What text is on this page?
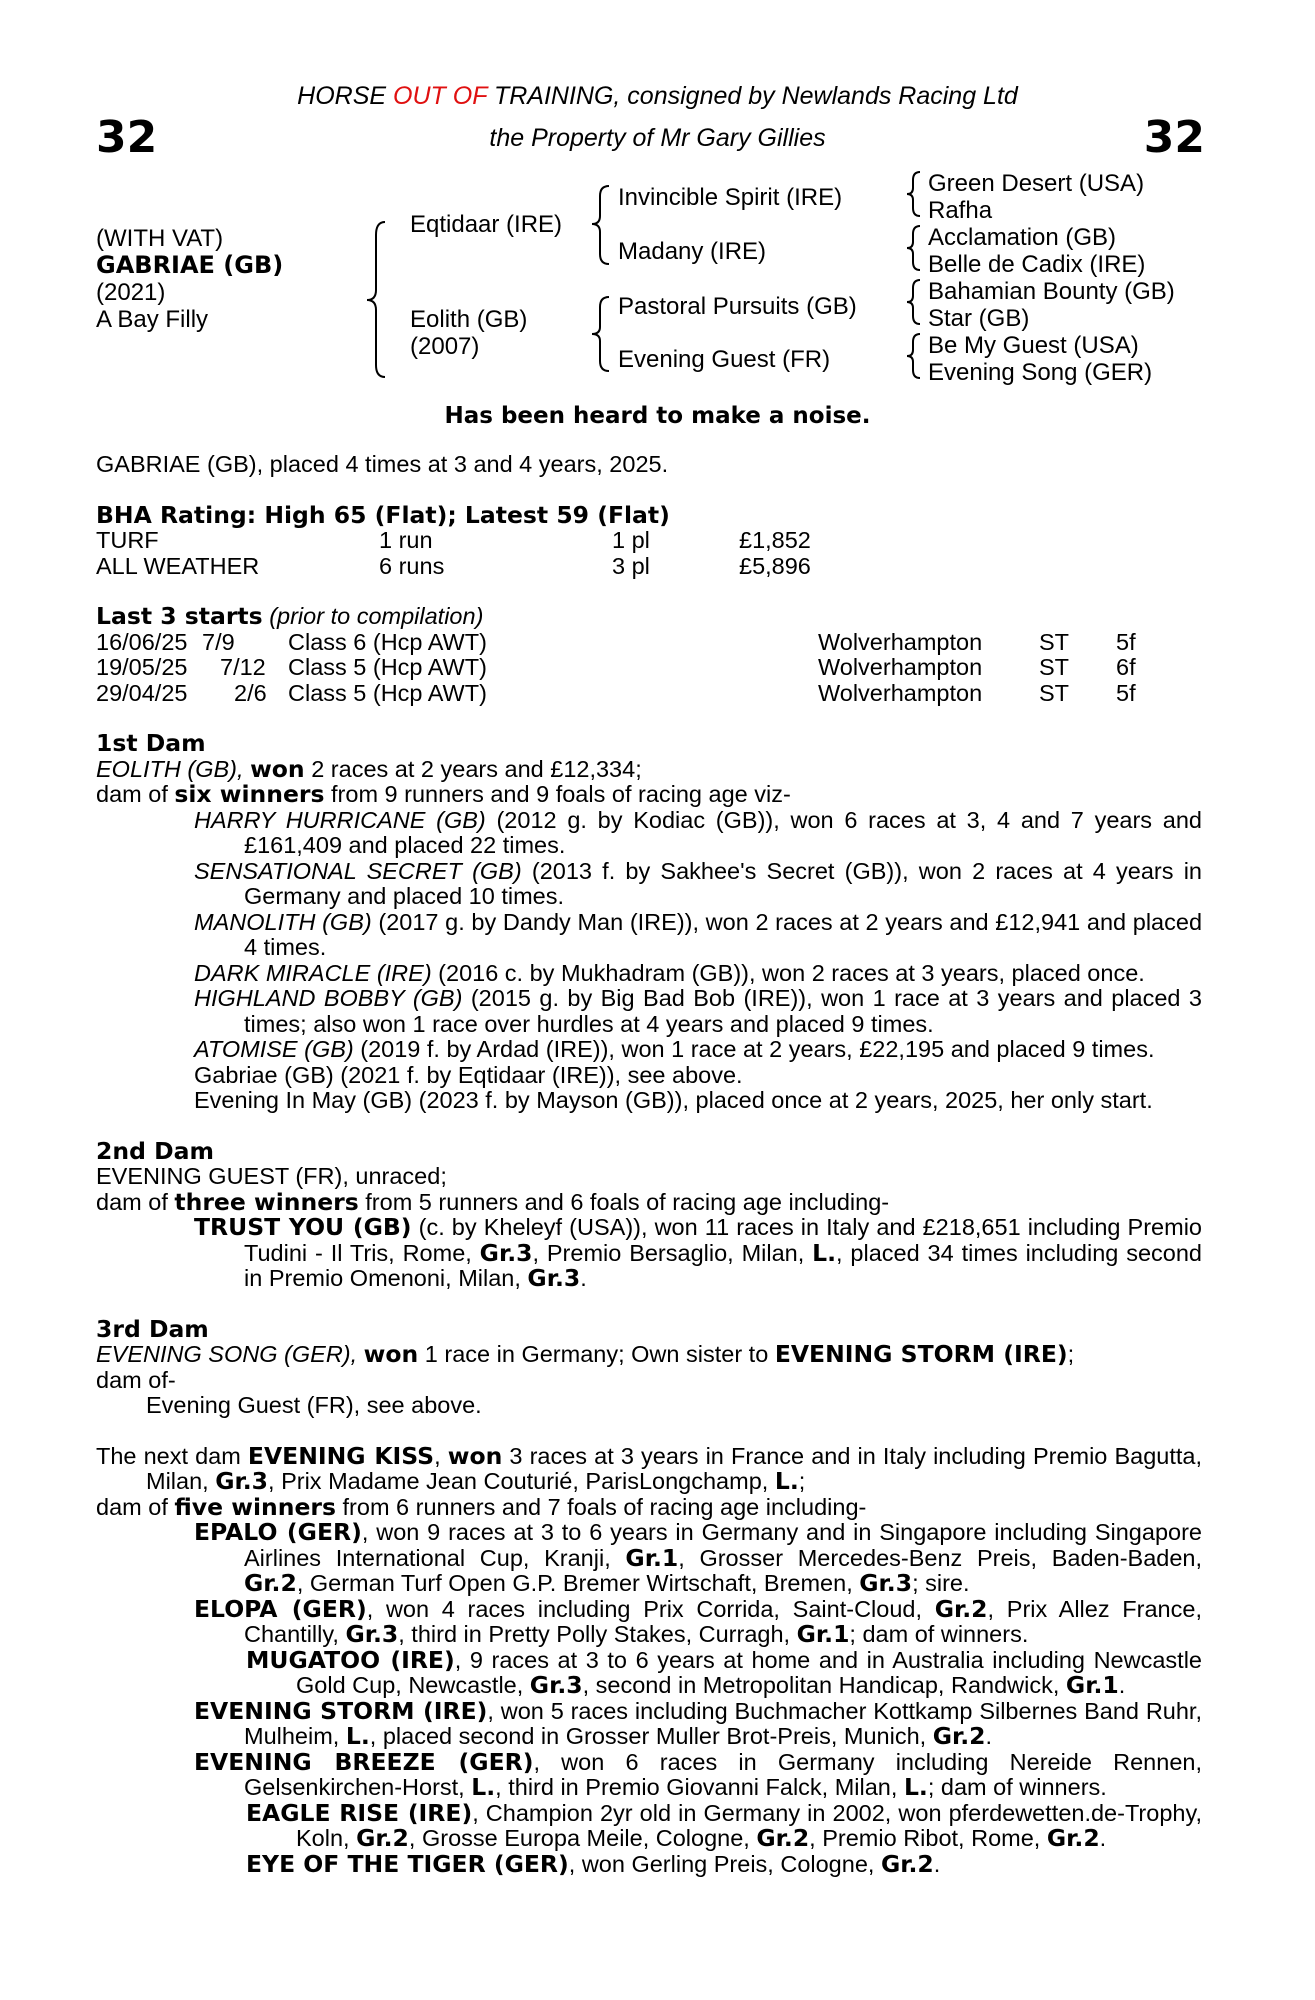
32	32
HORSE OUT OF TRAINING, consigned by Newlands Racing Ltd
the Property of Mr Gary Gillies
(WITH VAT)
GABRIAE (GB)
(2021)
A Bay Filly
Eqtidaar (IRE)
Eolith (GB)
(2007)
Invincible Spirit (IRE)
Madany (IRE)
Pastoral Pursuits (GB)
Evening Guest (FR)
Green Desert (USA)
Rafha
Acclamation (GB)
Belle de Cadix (IRE)
Bahamian Bounty (GB)
Star (GB)
Be My Guest (USA)
Evening Song (GER)
Has been heard to make a noise.
GABRIAE (GB), placed 4 times at 3 and 4 years, 2025.
BHA Rating: High 65 (Flat); Latest 59 (Flat)
TURF	1 run	1 pl	£1,852
ALL WEATHER	6 runs	3 pl	£5,896
Last 3 starts (prior to compilation)
16/06/25 7/9 Class 6 (Hcp AWT)	Wolverhampton ST 5f
19/05/25 7/12 Class 5 (Hcp AWT)	Wolverhampton ST 6f
29/04/25 2/6 Class 5 (Hcp AWT)	Wolverhampton ST 5f
1st Dam
EOLITH (GB), won 2 races at 2 years and £12,334;
dam of six winners from 9 runners and 9 foals of racing age viz-

HARRY HURRICANE (GB) (2012 g. by Kodiac (GB)), won 6 races at 3, 4 and 7 years and £161,409 and placed 22 times.

SENSATIONAL SECRET (GB) (2013 f. by Sakhee's Secret (GB)), won 2 races at 4 years in Germany and placed 10 times.

MANOLITH (GB) (2017 g. by Dandy Man (IRE)), won 2 races at 2 years and £12,941 and placed 4 times.

DARK MIRACLE (IRE) (2016 c. by Mukhadram (GB)), won 2 races at 3 years, placed once.

HIGHLAND BOBBY (GB) (2015 g. by Big Bad Bob (IRE)), won 1 race at 3 years and placed 3 times; also won 1 race over hurdles at 4 years and placed 9 times.

ATOMISE (GB) (2019 f. by Ardad (IRE)), won 1 race at 2 years, £22,195 and placed 9 times.

Gabriae (GB) (2021 f. by Eqtidaar (IRE)), see above.

Evening In May (GB) (2023 f. by Mayson (GB)), placed once at 2 years, 2025, her only start.

2nd Dam
EVENING GUEST (FR), unraced;
dam of three winners from 5 runners and 6 foals of racing age including-

TRUST YOU (GB) (c. by Kheleyf (USA)), won 11 races in Italy and £218,651 including Premio Tudini - Il Tris, Rome, Gr.3, Premio Bersaglio, Milan, L., placed 34 times including second in Premio Omenoni, Milan, Gr.3.

3rd Dam
EVENING SONG (GER), won 1 race in Germany; Own sister to EVENING STORM (IRE);
dam of-

Evening Guest (FR), see above.

The next dam EVENING KISS, won 3 races at 3 years in France and in Italy including Premio Bagutta, Milan, Gr.3, Prix Madame Jean Couturié, ParisLongchamp, L.;

dam of five winners from 6 runners and 7 foals of racing age including-

EPALO (GER), won 9 races at 3 to 6 years in Germany and in Singapore including Singapore Airlines International Cup, Kranji, Gr.1, Grosser Mercedes-Benz Preis, Baden-Baden, Gr.2, German Turf Open G.P. Bremer Wirtschaft, Bremen, Gr.3; sire.

ELOPA (GER), won 4 races including Prix Corrida, Saint-Cloud, Gr.2, Prix Allez France, Chantilly, Gr.3, third in Pretty Polly Stakes, Curragh, Gr.1; dam of winners.

MUGATOO (IRE), 9 races at 3 to 6 years at home and in Australia including Newcastle Gold Cup, Newcastle, Gr.3, second in Metropolitan Handicap, Randwick, Gr.1.

EVENING STORM (IRE), won 5 races including Buchmacher Kottkamp Silbernes Band Ruhr, Mulheim, L., placed second in Grosser Muller Brot-Preis, Munich, Gr.2.

EVENING BREEZE (GER), won 6 races in Germany including Nereide Rennen, Gelsenkirchen-Horst, L., third in Premio Giovanni Falck, Milan, L.; dam of winners.

EAGLE RISE (IRE), Champion 2yr old in Germany in 2002, won pferdewetten.de-Trophy, Koln, Gr.2, Grosse Europa Meile, Cologne, Gr.2, Premio Ribot, Rome, Gr.2.

EYE OF THE TIGER (GER), won Gerling Preis, Cologne, Gr.2.
